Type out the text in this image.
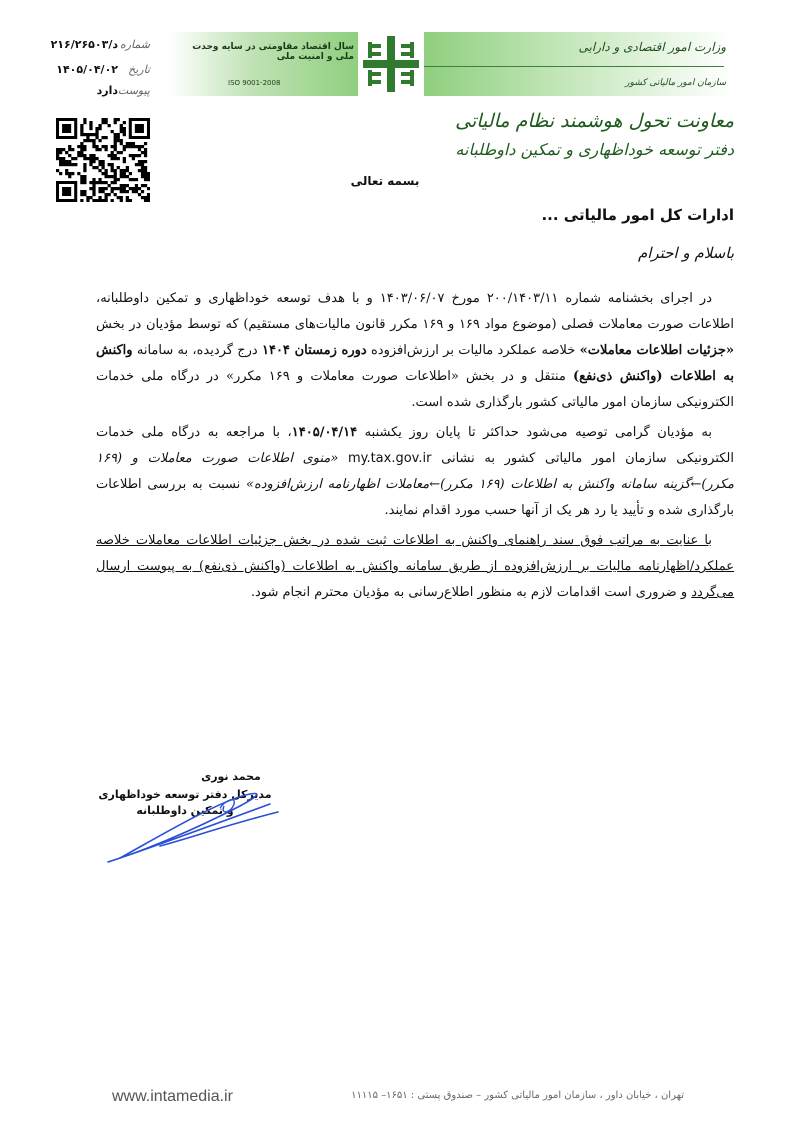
سال اقتصاد مقاومتی در سایه وحدت ملی و امنیت ملی
ISO 9001-2008
وزارت امور اقتصادی و دارایی
سازمان امور مالیاتی کشور
معاونت تحول هوشمند نظام مالیاتی
دفتر توسعه خوداظهاری و تمکین داوطلبانه
شماره
د/۲۱۶/۲۶۵۰۳
تاریخ
۱۴۰۵/۰۴/۰۲
پیوست
دارد
بسمه تعالی
ادارات کل امور مالیاتی ...
باسلام و احترام

در اجرای بخشنامه شماره ۲۰۰/۱۴۰۳/۱۱ مورخ ۱۴۰۳/۰۶/۰۷ و با هدف توسعه خوداظهاری و تمکین داوطلبانه، اطلاعات صورت معاملات فصلی (موضوع مواد ۱۶۹ و ۱۶۹ مکرر قانون مالیات‌های مستقیم) که توسط مؤدیان در بخش «جزئیات اطلاعات معاملات» خلاصه عملکرد مالیات بر ارزش‌افزوده دوره زمستان ۱۴۰۴ درج گردیده، به سامانه واکنش به اطلاعات (واکنش ذی‌نفع) منتقل و در بخش «اطلاعات صورت معاملات و ۱۶۹ مکرر» در درگاه ملی خدمات الکترونیکی سازمان امور مالیاتی کشور بارگذاری شده است.

به مؤدیان گرامی توصیه می‌شود حداکثر تا پایان روز یکشنبه ۱۴۰۵/۰۴/۱۴، با مراجعه به درگاه ملی خدمات الکترونیکی سازمان امور مالیاتی کشور به نشانی my.tax.gov.ir «منوی اطلاعات صورت معاملات و (۱۶۹ مکرر)←گزینه سامانه واکنش به اطلاعات (۱۶۹ مکرر)←معاملات اظهارنامه ارزش‌افزوده» نسبت به بررسی اطلاعات بارگذاری شده و تأیید یا رد هر یک از آنها حسب مورد اقدام نمایند.

با عنایت به مراتب فوق سند راهنمای واکنش به اطلاعات ثبت شده در بخش جزئیات اطلاعات معاملات خلاصه عملکرد/اظهارنامه مالیات بر ارزش‌افزوده از طریق سامانه واکنش به اطلاعات (واکنش ذی‌نفع) به پیوست ارسال می‌گردد و ضروری است اقدامات لازم به منظور اطلاع‌رسانی به مؤدیان محترم انجام شود.

محمد نوری
مدیرکل دفتر توسعه خوداظهاری و تمکین داوطلبانه
www.intamedia.ir	تهران ، خیابان داور ، سازمان امور مالیاتی کشور – صندوق پستی : ۱۶۵۱– ۱۱۱۱۵
